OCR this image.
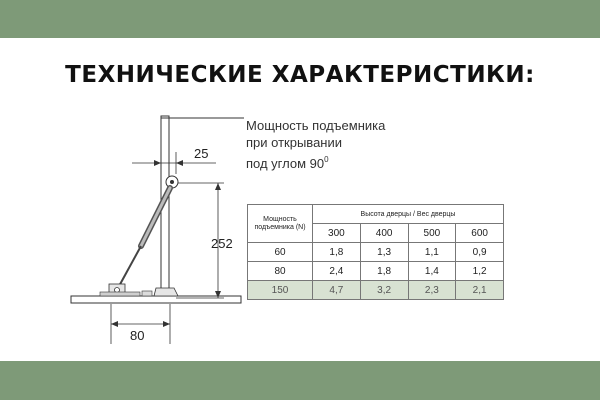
ТЕХНИЧЕСКИЕ ХАРАКТЕРИСТИКИ:
25
252
80
Мощность подъемника
при открывании
под углом $90^0$
Мощность подъемника (N)	Высота дверцы / Вес дверцы			
	300	400	500	600
60	1,8	1,3	1,1	0,9
80	2,4	1,8	1,4	1,2
150	4,7	3,2	2,3	2,1
